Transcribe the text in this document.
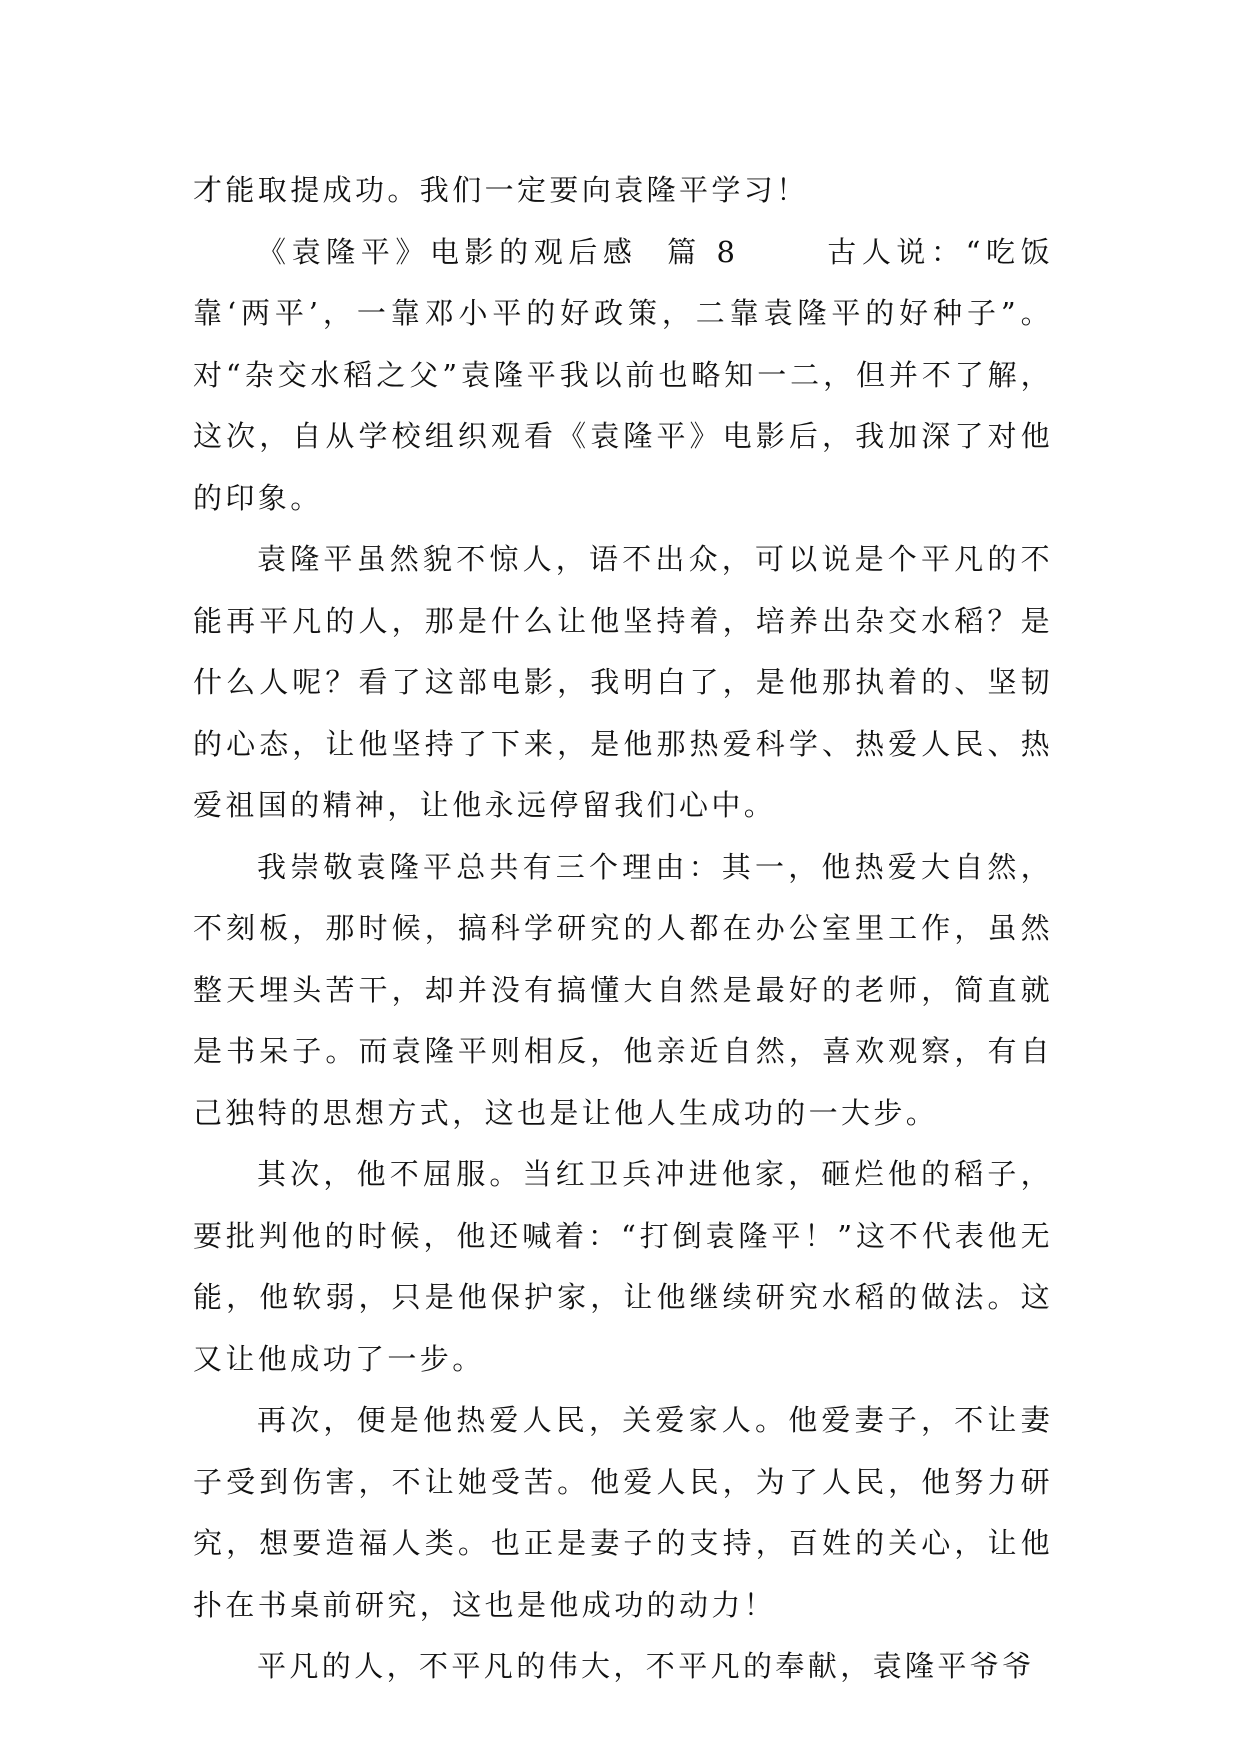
才能取提成功。我们一定要向袁隆平学习！

《袁隆平》电影的观后感  篇 8      古人说：“吃饭靠‘两平’，一靠邓小平的好政策，二靠袁隆平的好种子”。对“杂交水稻之父”袁隆平我以前也略知一二，但并不了解，这次，自从学校组织观看《袁隆平》电影后，我加深了对他的印象。

袁隆平虽然貌不惊人，语不出众，可以说是个平凡的不能再平凡的人，那是什么让他坚持着，培养出杂交水稻？是什么人呢？看了这部电影，我明白了，是他那执着的、坚韧的心态，让他坚持了下来，是他那热爱科学、热爱人民、热爱祖国的精神，让他永远停留我们心中。

我崇敬袁隆平总共有三个理由：其一，他热爱大自然，不刻板，那时候，搞科学研究的人都在办公室里工作，虽然整天埋头苦干，却并没有搞懂大自然是最好的老师，简直就是书呆子。而袁隆平则相反，他亲近自然，喜欢观察，有自己独特的思想方式，这也是让他人生成功的一大步。

其次，他不屈服。当红卫兵冲进他家，砸烂他的稻子，要批判他的时候，他还喊着：“打倒袁隆平！”这不代表他无能，他软弱，只是他保护家，让他继续研究水稻的做法。这又让他成功了一步。

再次，便是他热爱人民，关爱家人。他爱妻子，不让妻子受到伤害，不让她受苦。他爱人民，为了人民，他努力研究，想要造福人类。也正是妻子的支持，百姓的关心，让他扑在书桌前研究，这也是他成功的动力！

平凡的人，不平凡的伟大，不平凡的奉献，袁隆平爷爷
